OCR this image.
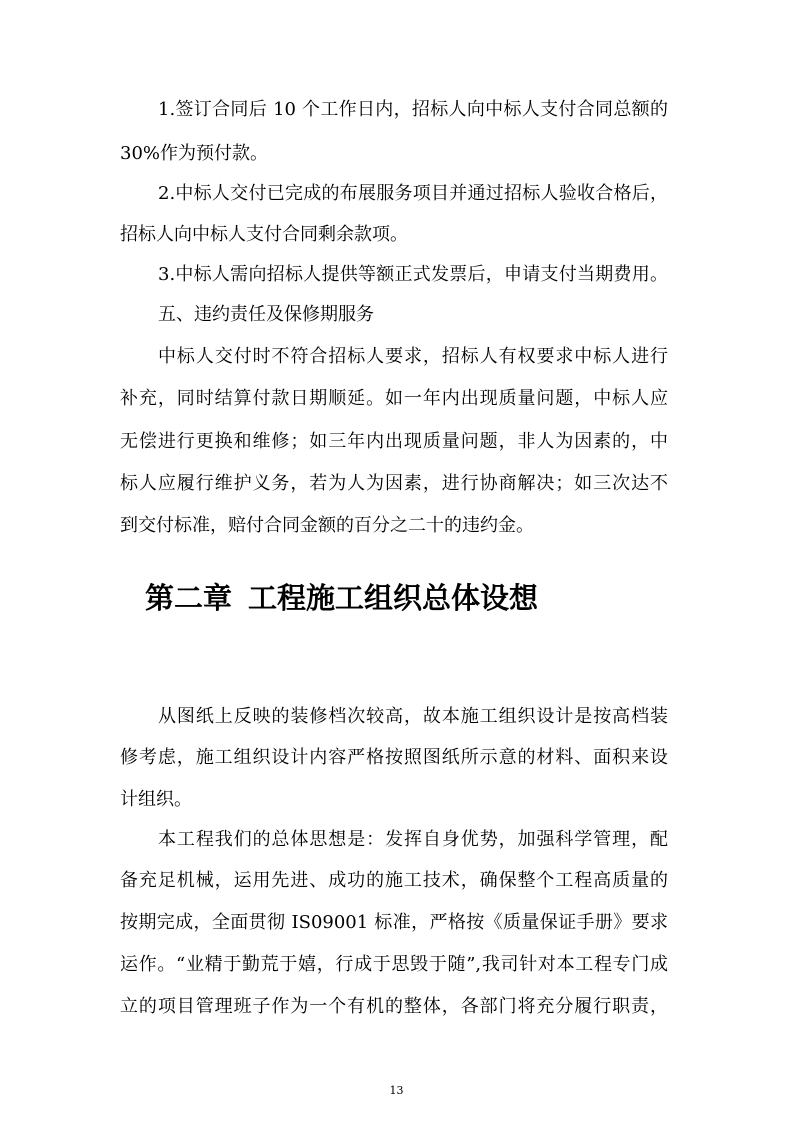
1.签订合同后 10 个工作日内，招标人向中标人支付合同总额的
30%作为预付款。
2.中标人交付已完成的布展服务项目并通过招标人验收合格后，
招标人向中标人支付合同剩余款项。
3.中标人需向招标人提供等额正式发票后，申请支付当期费用。
五、违约责任及保修期服务
中标人交付时不符合招标人要求，招标人有权要求中标人进行
补充，同时结算付款日期顺延。如一年内出现质量问题，中标人应
无偿进行更换和维修；如三年内出现质量问题，非人为因素的，中
标人应履行维护义务，若为人为因素，进行协商解决；如三次达不
到交付标准，赔付合同金额的百分之二十的违约金。
第二章 工程施工组织总体设想
从图纸上反映的装修档次较高，故本施工组织设计是按高档装
修考虑，施工组织设计内容严格按照图纸所示意的材料、面积来设
计组织。
本工程我们的总体思想是：发挥自身优势，加强科学管理，配
备充足机械，运用先进、成功的施工技术，确保整个工程高质量的
按期完成，全面贯彻 IS09001 标准，严格按《质量保证手册》要求
运作。“业精于勤荒于嬉，行成于思毁于随”,我司针对本工程专门成
立的项目管理班子作为一个有机的整体，各部门将充分履行职责，
13
